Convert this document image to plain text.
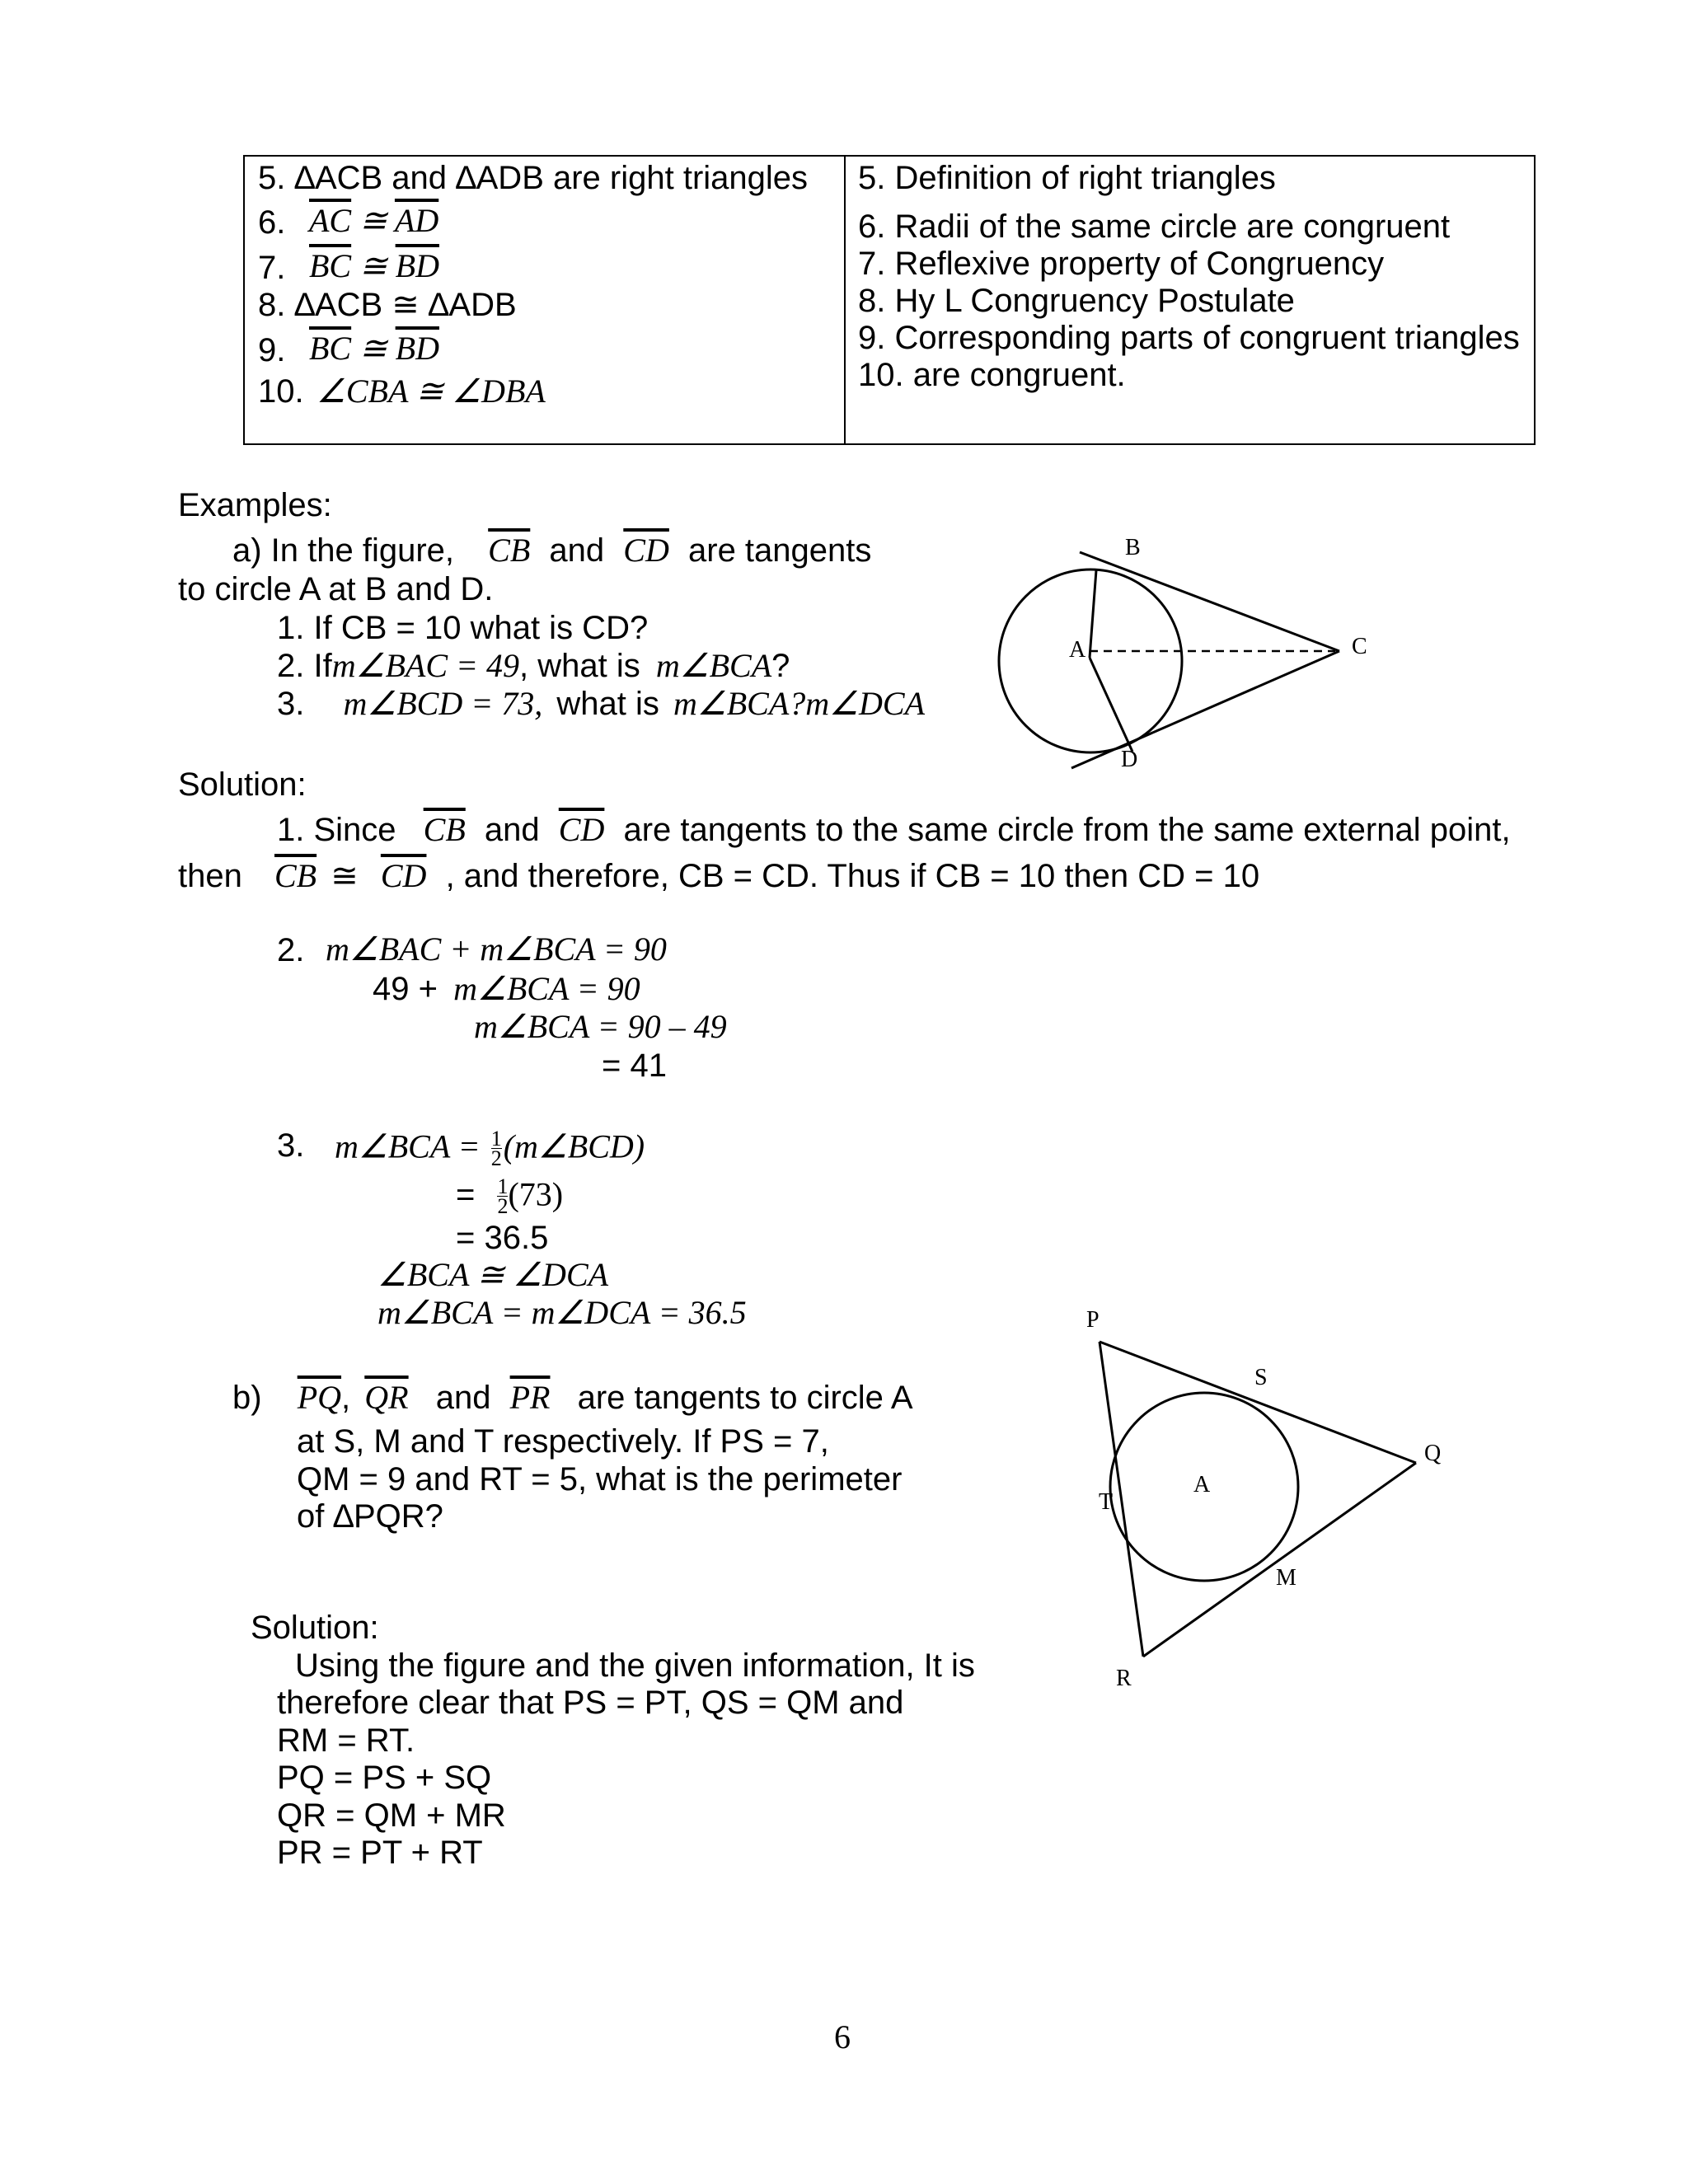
5. ∆ACB and ∆ADB are right triangles
6. $\overline{AC}$ ≅ $\overline{AD}$
7. $\overline{BC}$ ≅ $\overline{BD}$
8. ∆ACB ≅ ∆ADB
9. $\overline{BC}$ ≅ $\overline{BD}$
10. ∠CBA ≅ ∠DBA
5. Definition of right triangles
6. Radii of the same circle are congruent
7. Reflexive property of Congruency
8. Hy L Congruency Postulate
9. Corresponding parts of congruent triangles
10. are congruent.
Examples:
a) In the figure, $\overline{CB}$ and $\overline{CD}$ are tangents
to circle A at B and D.
1. If CB = 10 what is CD?
2. Ifm∠BAC = 49, what is m∠BCA?
3. m∠BCD = 73, what is m∠BCA?m∠DCA
B
A	C
D
Solution:
1. Since $\overline{CB}$ and $\overline{CD}$ are tangents to the same circle from the same external point,
then $\overline{CB}$ ≅ $\overline{CD}$ , and therefore, CB = CD. Thus if CB = 10 then CD = 10
2. m∠BAC + m∠BCA = 90
49 + m∠BCA = 90
m∠BCA = 90 – 49
= 41
3. m∠BCA = $\frac{1}{2}$ (m∠BCD)
= $\frac{1}{2} (73)$
= 36.5
∠BCA ≅ ∠DCA
m∠BCA = m∠DCA = 36.5
b) $\overline{PQ}$, $\overline{QR}$ and $\overline{PR}$ are tangents to circle A
at S, M and T respectively. If PS = 7,
QM = 9 and RT = 5, what is the perimeter
of ∆PQR?
P
S
Q
A
T
M
R
Solution:
Using the figure and the given information, It is
therefore clear that PS = PT, QS = QM and
RM = RT.
PQ = PS + SQ
QR = QM + MR
PR = PT + RT
6
